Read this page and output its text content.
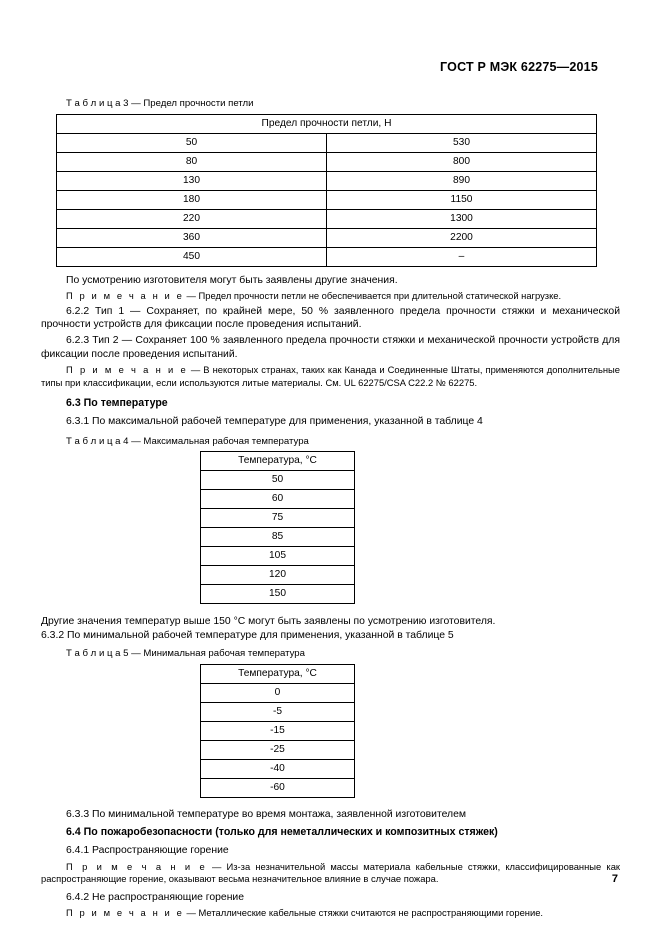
ГОСТ Р МЭК 62275—2015
Т а б л и ц а 3 — Предел прочности петли
Предел прочности петли, Н	
50	530
80	800
130	890
180	1150
220	1300
360	2200
450	–

По усмотрению изготовителя могут быть заявлены другие значения.

П р и м е ч а н и е — Предел прочности петли не обеспечивается при длительной статической нагрузке.

6.2.2 Тип 1 — Сохраняет, по крайней мере, 50 % заявленного предела прочности стяжки и механической прочности устройств для фиксации после проведения испытаний.

6.2.3 Тип 2 — Сохраняет 100 % заявленного предела прочности стяжки и механической прочности устройств для фиксации после проведения испытаний.

П р и м е ч а н и е — В некоторых странах, таких как Канада и Соединенные Штаты, применяются дополнительные типы при классификации, если используются литые материалы. См. UL 62275/CSA C22.2 № 62275.

6.3 По температуре

6.3.1 По максимальной рабочей температуре для применения, указанной в таблице 4

Т а б л и ц а 4 — Максимальная рабочая температура
Температура, °С
50
60
75
85
105
120
150

Другие значения температур выше 150 °С могут быть заявлены по усмотрению изготовителя.

6.3.2 По минимальной рабочей температуре для применения, указанной в таблице 5

Т а б л и ц а 5 — Минимальная рабочая температура
Температура, °С
0
-5
-15
-25
-40
-60

6.3.3 По минимальной температуре во время монтажа, заявленной изготовителем

6.4 По пожаробезопасности (только для неметаллических и композитных стяжек)

6.4.1 Распространяющие горение

П р и м е ч а н и е — Из-за незначительной массы материала кабельные стяжки, классифицированные как распространяющие горение, оказывают весьма незначительное влияние в случае пожара.

6.4.2 Не распространяющие горение

П р и м е ч а н и е — Металлические кабельные стяжки считаются не распространяющими горение.

7
